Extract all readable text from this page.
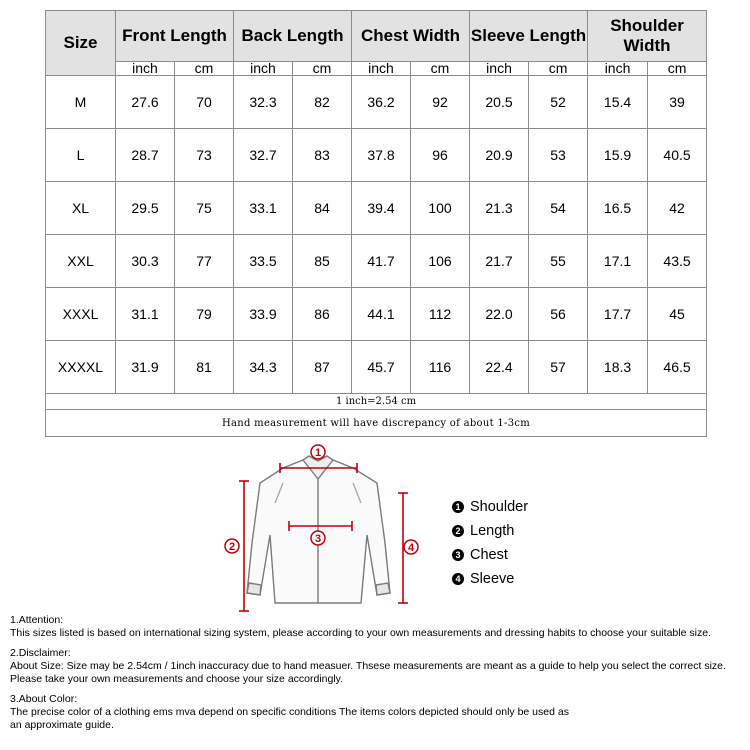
Size	Front Length		Back Length		Chest Width		Sleeve Length		Shoulder Width	
	inch	cm	inch	cm	inch	cm	inch	cm	inch	cm
M	27.6	70	32.3	82	36.2	92	20.5	52	15.4	39
L	28.7	73	32.7	83	37.8	96	20.9	53	15.9	40.5
XL	29.5	75	33.1	84	39.4	100	21.3	54	16.5	42
XXL	30.3	77	33.5	85	41.7	106	21.7	55	17.1	43.5
XXXL	31.1	79	33.9	86	44.1	112	22.0	56	17.7	45
XXXXL	31.9	81	34.3	87	45.7	116	22.4	57	18.3	46.5
1 inch=2.54 cm										
Hand measurement will have discrepancy of about 1-3cm										
1
2
3
4
1 Shoulder
2 Length
3 Chest
4 Sleeve

1.Attention:

This sizes listed is based on international sizing system, please according to your own measurements and dressing habits to choose your suitable size.

2.Disclaimer:

About Size: Size may be 2.54cm / 1inch inaccuracy due to hand measuer. Thsese measurements are meant as a guide to help you select the correct size.

Please take your own measurements and choose your size accordingly.

3.About Color:

The precise color of a clothing ems mva depend on specific conditions The items colors depicted should only be used as

an approximate guide.
